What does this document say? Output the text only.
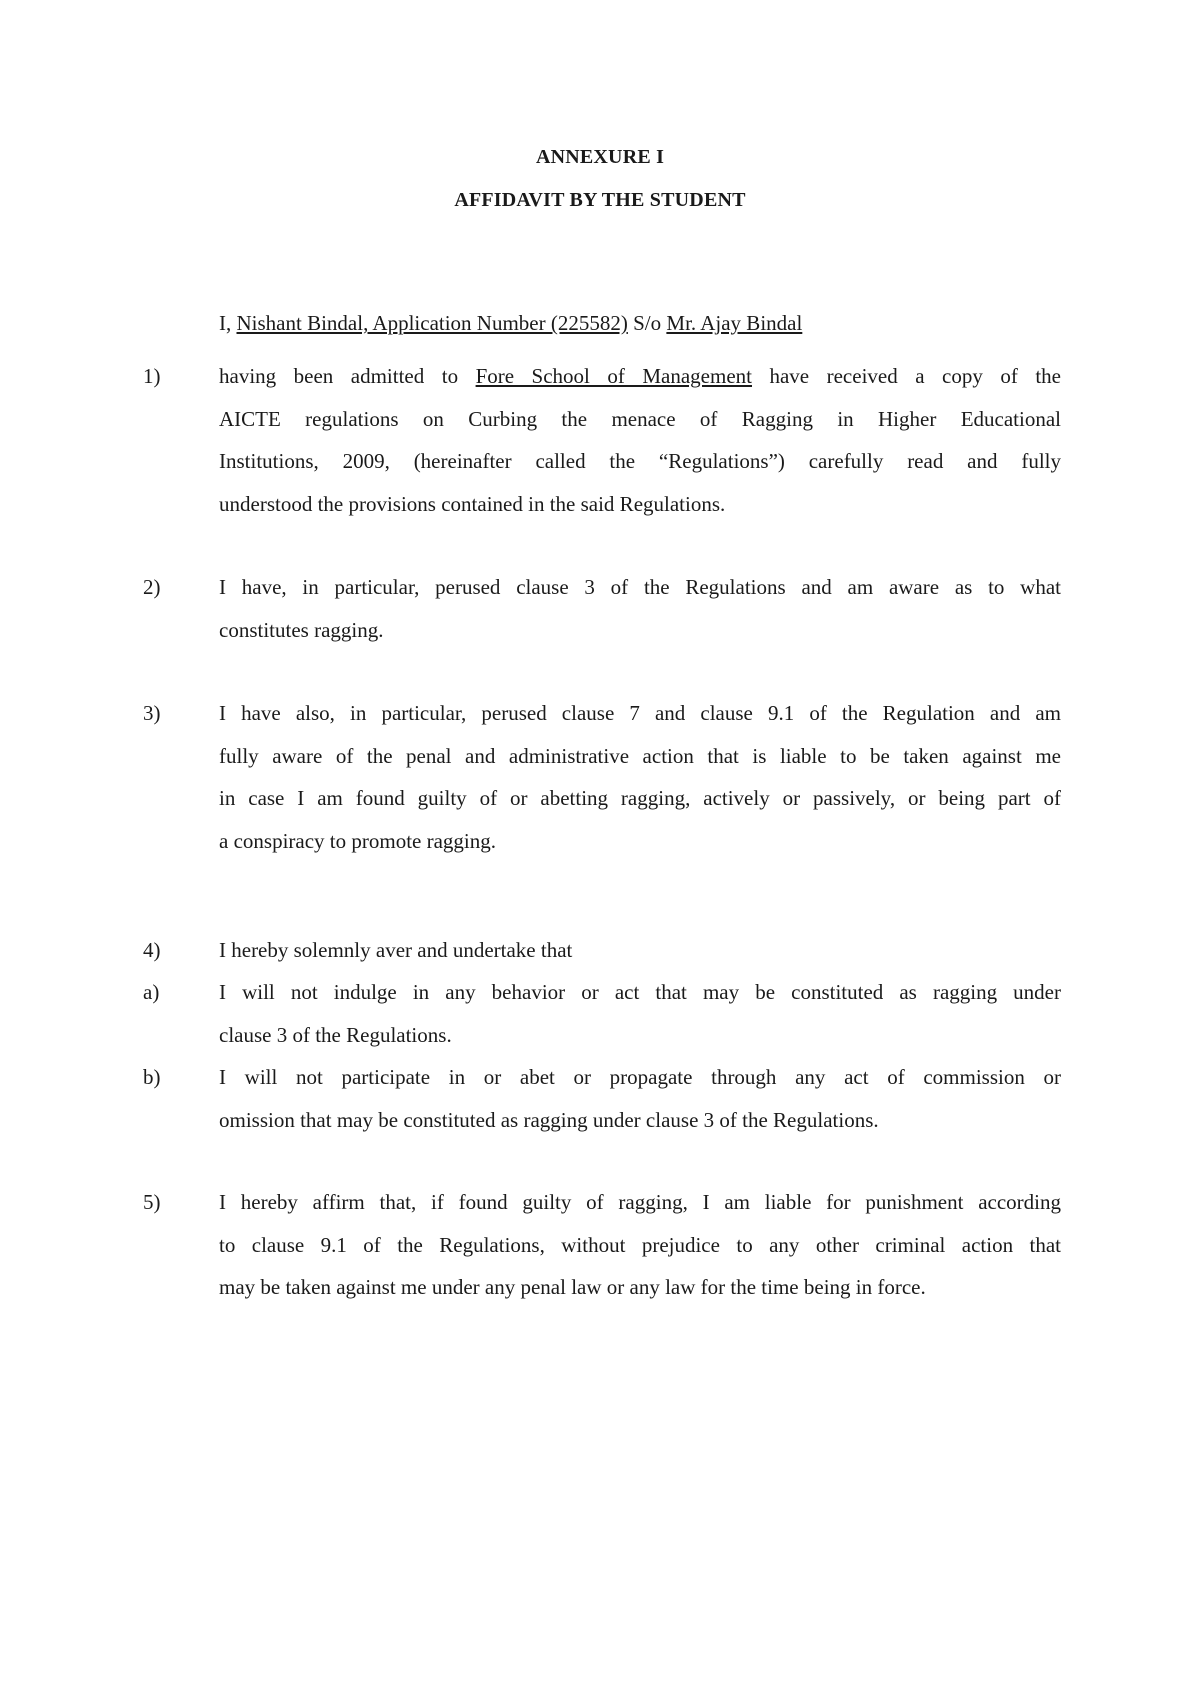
ANNEXURE I
AFFIDAVIT BY THE STUDENT
I, Nishant Bindal, Application Number (225582) S/o Mr. Ajay Bindal
1)	having been admitted to Fore School of Management have received a copy of the
AICTE regulations on Curbing the menace of Ragging in Higher Educational
Institutions, 2009, (hereinafter called the “Regulations”) carefully read and fully
understood the provisions contained in the said Regulations.
2)	I have, in particular, perused clause 3 of the Regulations and am aware as to what
constitutes ragging.
3)	I have also, in particular, perused clause 7 and clause 9.1 of the Regulation and am
fully aware of the penal and administrative action that is liable to be taken against me
in case I am found guilty of or abetting ragging, actively or passively, or being part of
a conspiracy to promote ragging.
4)	I hereby solemnly aver and undertake that
a)	I will not indulge in any behavior or act that may be constituted as ragging under
clause 3 of the Regulations.
b)	I will not participate in or abet or propagate through any act of commission or
omission that may be constituted as ragging under clause 3 of the Regulations.
5)	I hereby affirm that, if found guilty of ragging, I am liable for punishment according
to clause 9.1 of the Regulations, without prejudice to any other criminal action that
may be taken against me under any penal law or any law for the time being in force.
